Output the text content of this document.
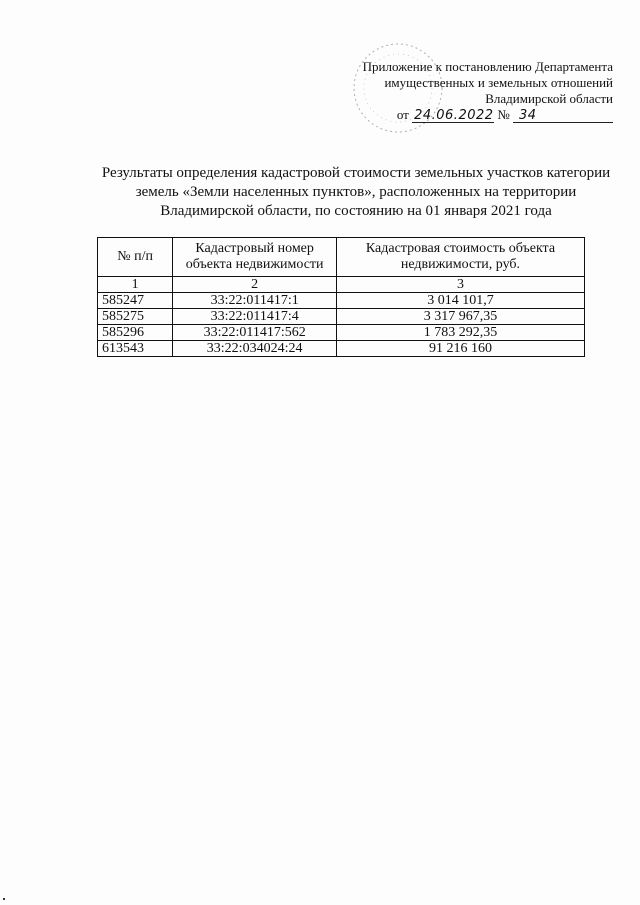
Приложение к постановлению Департамента
имущественных и земельных отношений
Владимирской области
от 24.06.2022 № 34
Результаты определения кадастровой стоимости земельных участков категории
земель «Земли населенных пунктов», расположенных на территории
Владимирской области, по состоянию на 01 января 2021 года
№ п/п	Кадастровый номер объекта недвижимости	Кадастровая стоимость объекта недвижимости, руб.
1	2	3
585247	33:22:011417:1	3 014 101,7
585275	33:22:011417:4	3 317 967,35
585296	33:22:011417:562	1 783 292,35
613543	33:22:034024:24	91 216 160
